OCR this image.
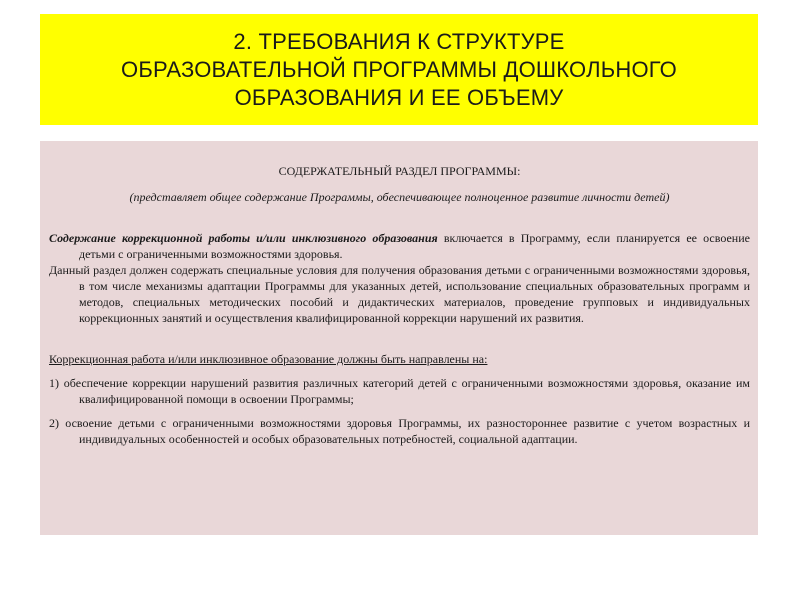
2. ТРЕБОВАНИЯ К СТРУКТУРЕ
ОБРАЗОВАТЕЛЬНОЙ ПРОГРАММЫ ДОШКОЛЬНОГО
ОБРАЗОВАНИЯ И ЕЕ ОБЪЕМУ

СОДЕРЖАТЕЛЬНЫЙ РАЗДЕЛ ПРОГРАММЫ:

(представляет общее содержание Программы, обеспечивающее полноценное развитие личности детей)

Содержание коррекционной работы и/или инклюзивного образования включается в Программу, если планируется ее освоение детьми с ограниченными возможностями здоровья.

Данный раздел должен содержать специальные условия для получения образования детьми с ограниченными возможностями здоровья, в том числе механизмы адаптации Программы для указанных детей, использование специальных образовательных программ и методов, специальных методических пособий и дидактических материалов, проведение групповых и индивидуальных коррекционных занятий и осуществления квалифицированной коррекции нарушений их развития.

Коррекционная работа и/или инклюзивное образование должны быть направлены на:

1) обеспечение коррекции нарушений развития различных категорий детей с ограниченными возможностями здоровья, оказание им квалифицированной помощи в освоении Программы;

2) освоение детьми с ограниченными возможностями здоровья Программы, их разностороннее развитие с учетом возрастных и индивидуальных особенностей и особых образовательных потребностей, социальной адаптации.
